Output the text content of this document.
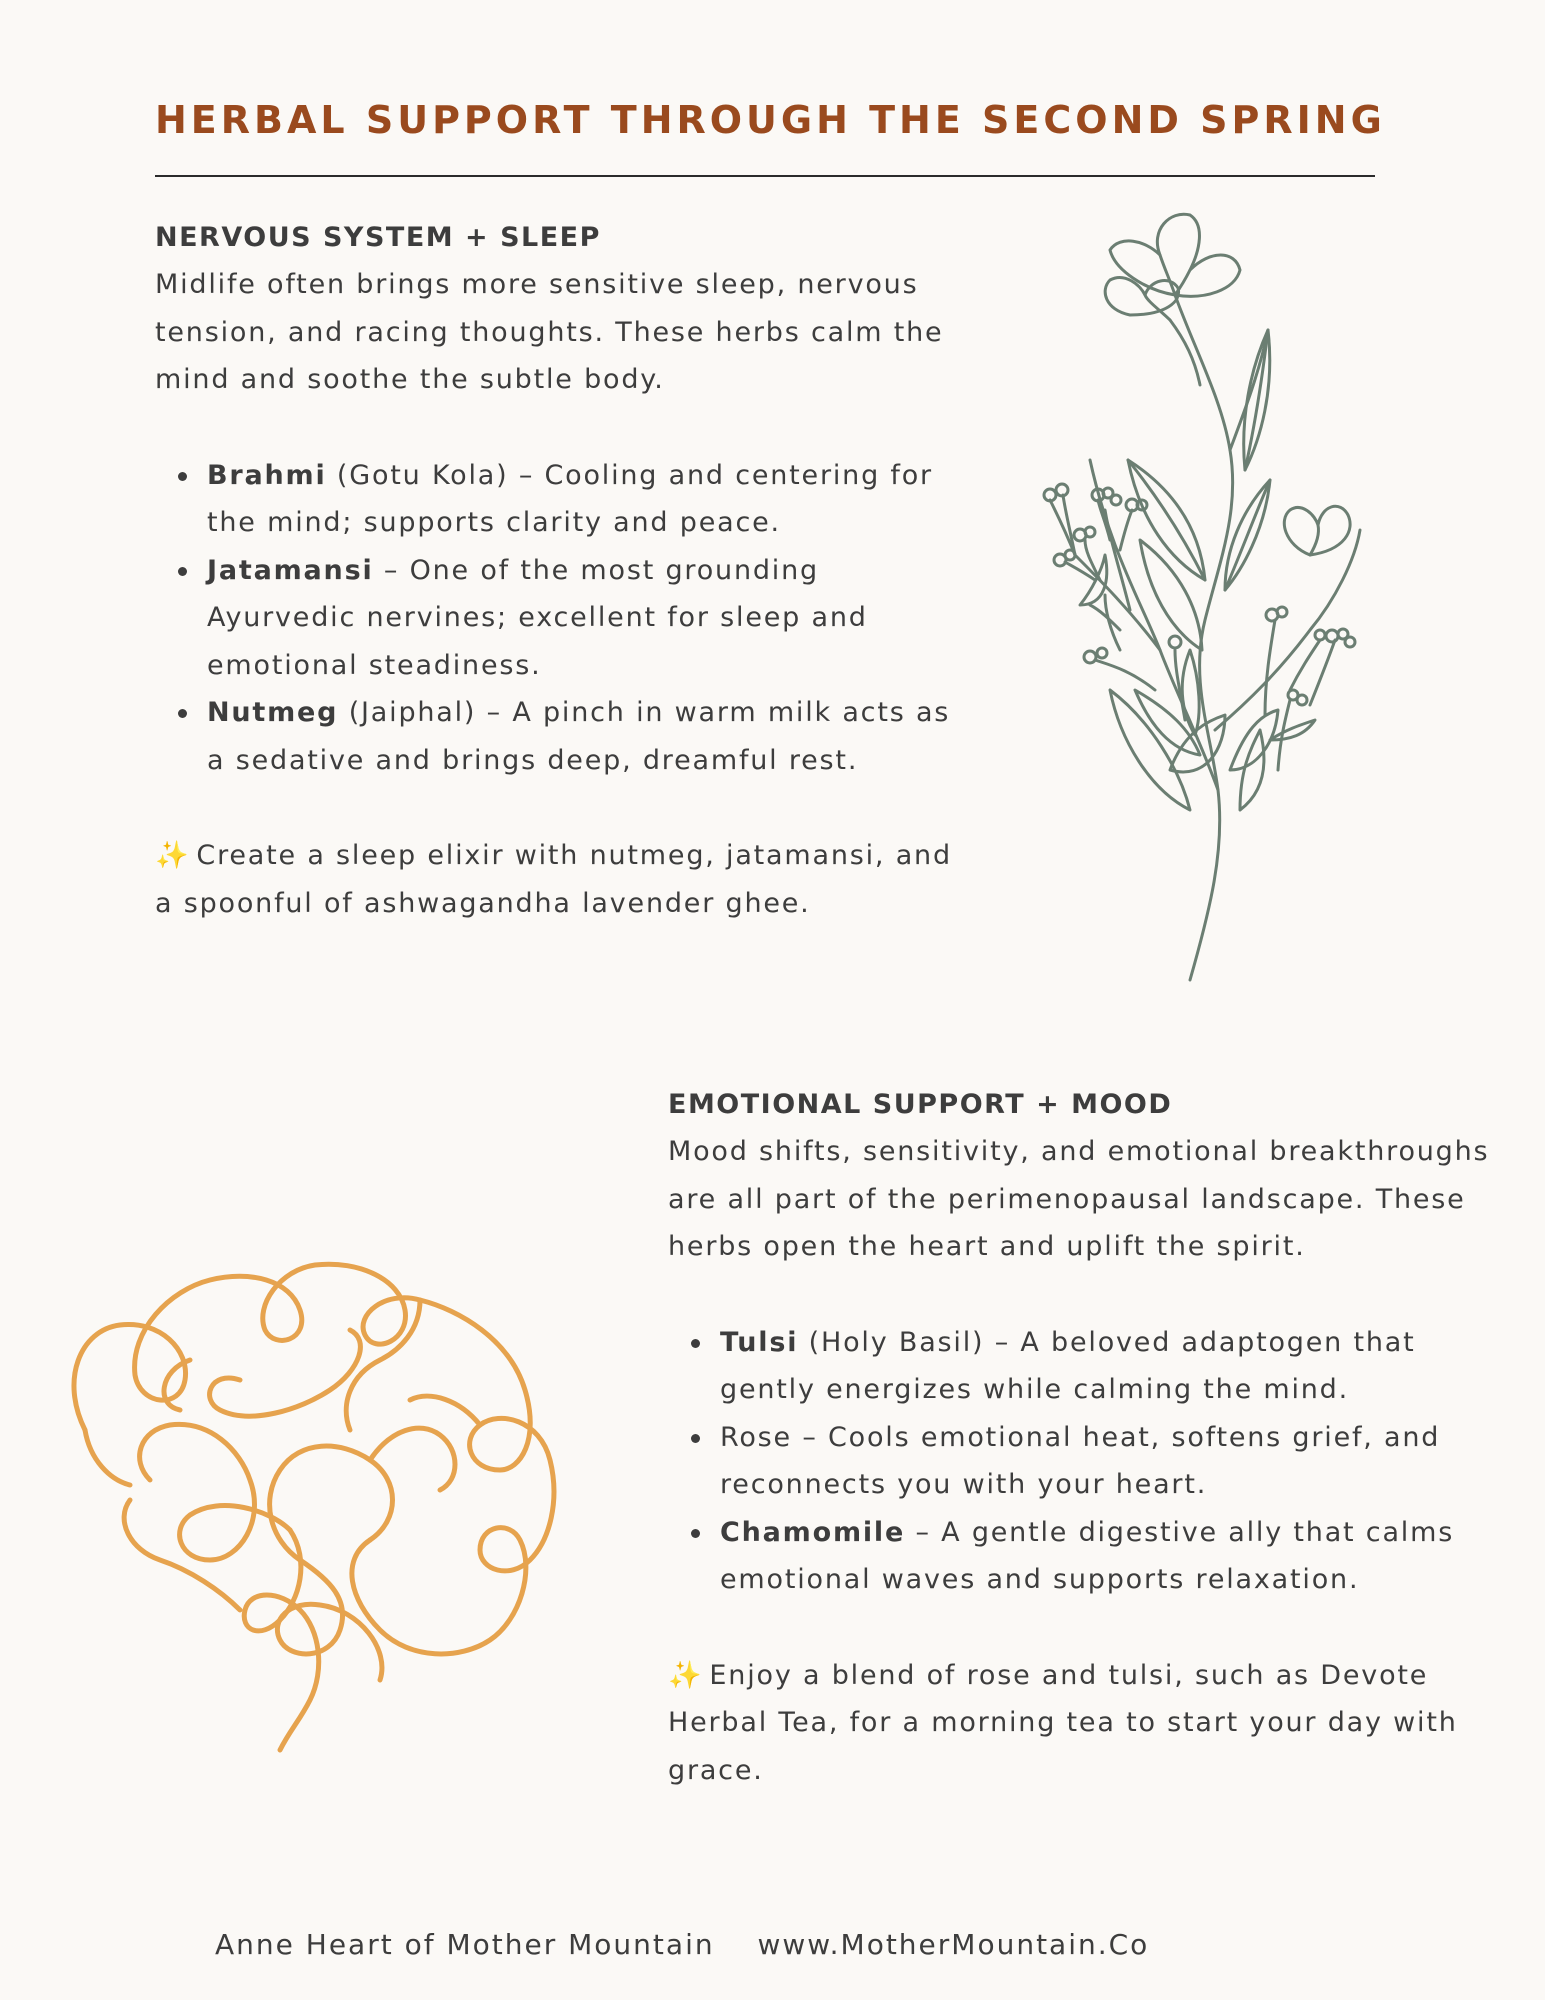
HERBAL SUPPORT THROUGH THE SECOND SPRING
NERVOUS SYSTEM + SLEEP
Midlife often brings more sensitive sleep, nervous tension, and racing thoughts. These herbs calm the mind and soothe the subtle body.
Brahmi (Gotu Kola) – Cooling and centering for the mind; supports clarity and peace.
Jatamansi – One of the most grounding Ayurvedic nervines; excellent for sleep and emotional steadiness.
Nutmeg (Jaiphal) – A pinch in warm milk acts as a sedative and brings deep, dreamful rest.
✨ Create a sleep elixir with nutmeg, jatamansi, and a spoonful of ashwagandha lavender ghee.
EMOTIONAL SUPPORT + MOOD
Mood shifts, sensitivity, and emotional breakthroughs are all part of the perimenopausal landscape. These herbs open the heart and uplift the spirit.
Tulsi (Holy Basil) – A beloved adaptogen that gently energizes while calming the mind.
Rose – Cools emotional heat, softens grief, and reconnects you with your heart.
Chamomile – A gentle digestive ally that calms emotional waves and supports relaxation.
✨ Enjoy a blend of rose and tulsi, such as Devote Herbal Tea, for a morning tea to start your day with grace.
Anne Heart of Mother Mountain www.MotherMountain.Co
